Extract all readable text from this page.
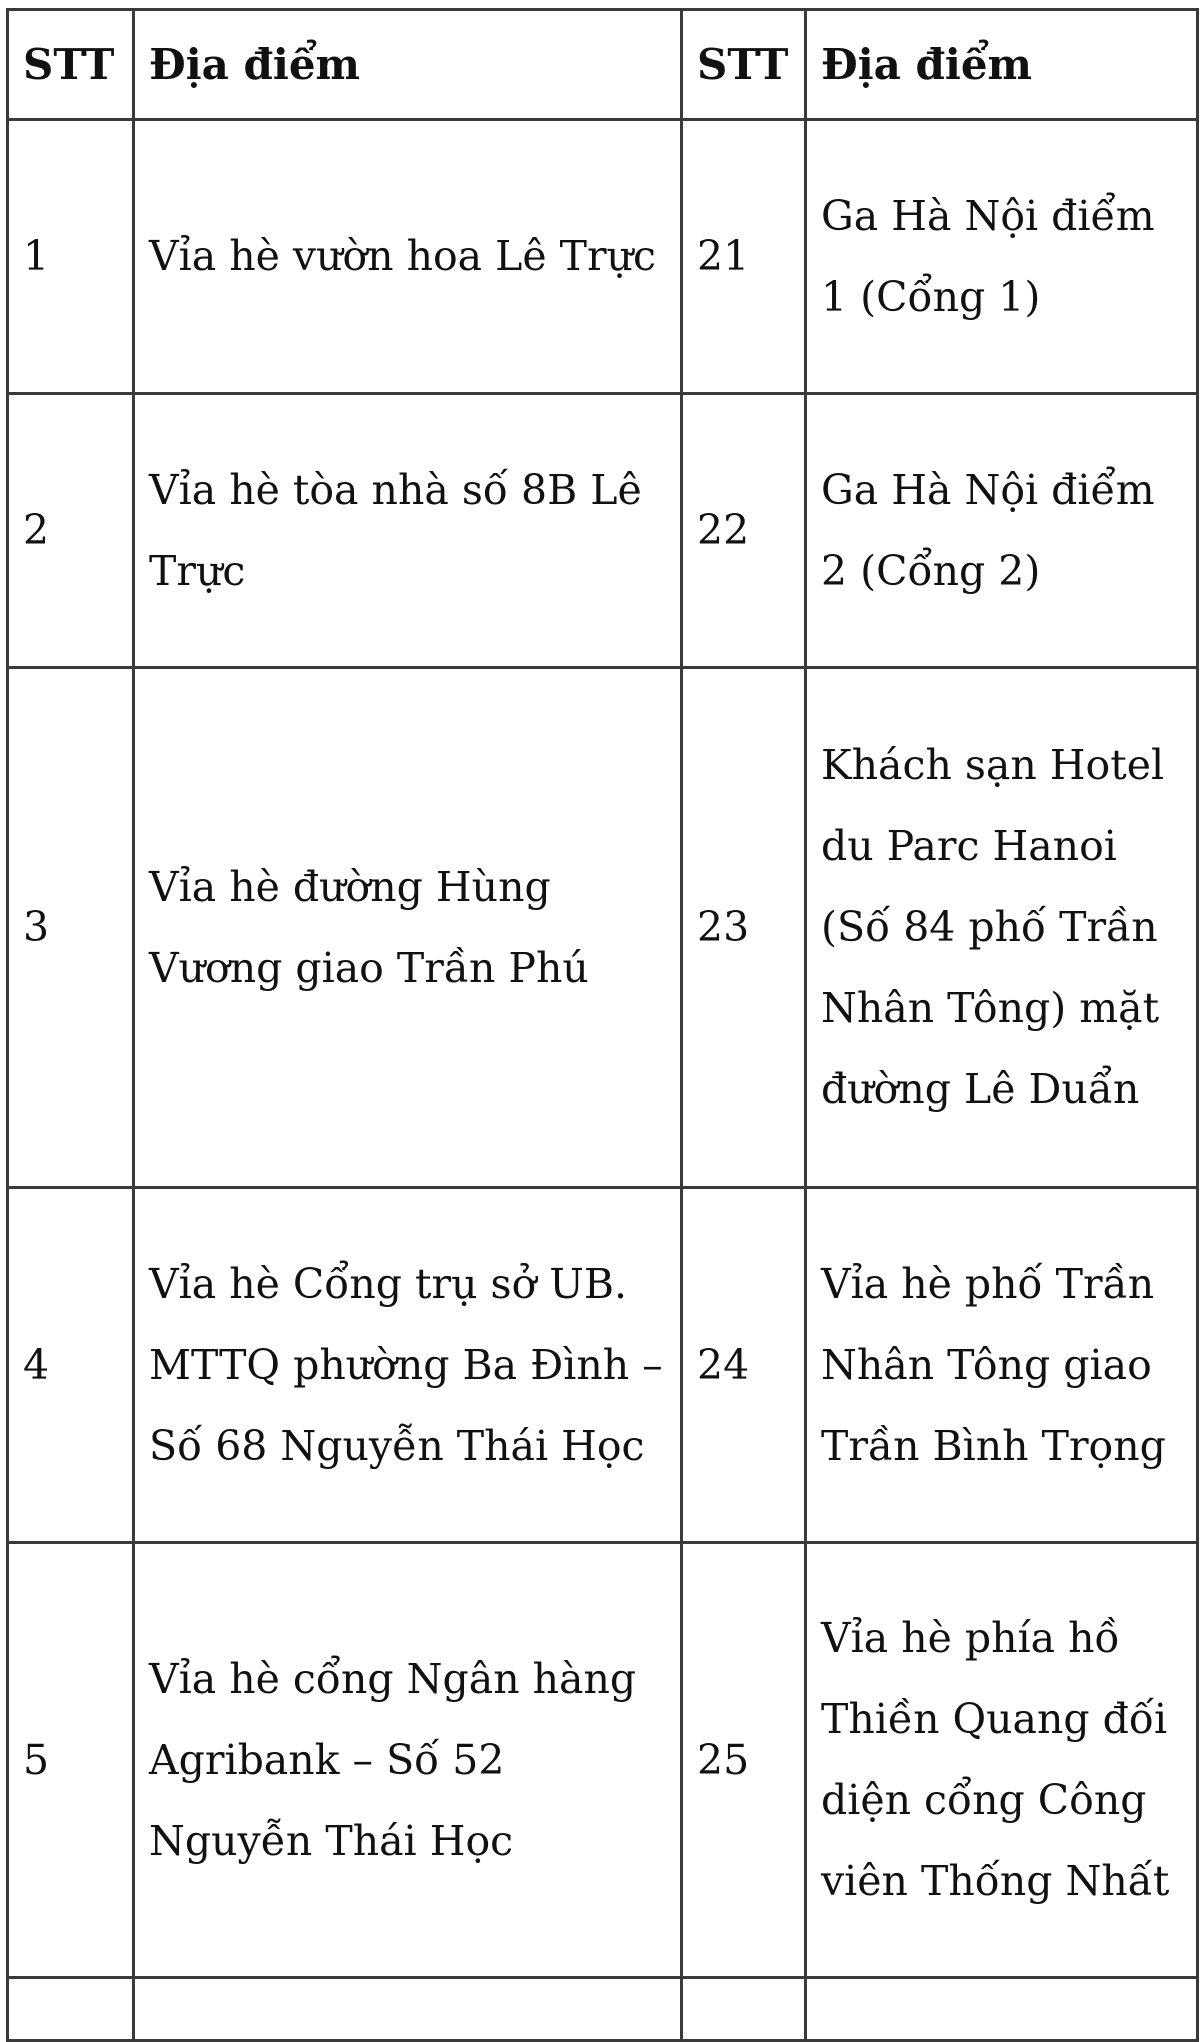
STT	Địa điểm	STT	Địa điểm
1	Vỉa hè vườn hoa Lê Trực	21	Ga Hà Nội điểm 1 (Cổng 1)
2	Vỉa hè tòa nhà số 8B Lê Trực	22	Ga Hà Nội điểm 2 (Cổng 2)
3	Vỉa hè đường Hùng Vương giao Trần Phú	23	Khách sạn Hotel du Parc Hanoi (Số 84 phố Trần Nhân Tông) mặt đường Lê Duẩn
4	Vỉa hè Cổng trụ sở UB. MTTQ phường Ba Đình – Số 68 Nguyễn Thái Học	24	Vỉa hè phố Trần Nhân Tông giao Trần Bình Trọng
5	Vỉa hè cổng Ngân hàng Agribank – Số 52 Nguyễn Thái Học	25	Vỉa hè phía hồ Thiền Quang đối diện cổng Công viên Thống Nhất
